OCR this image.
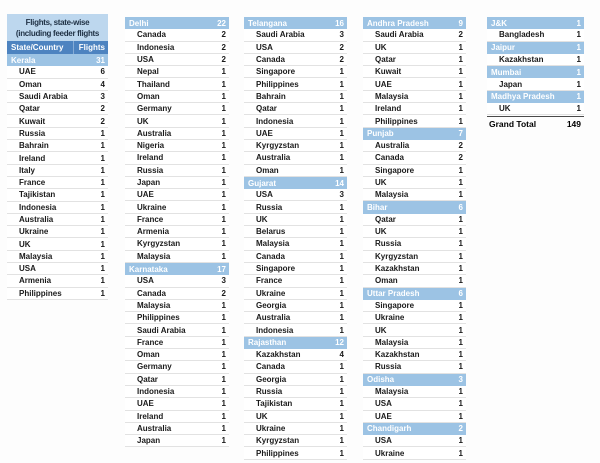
Flights, state-wise
(including feeder flights
State/Country	Flights
Kerala	31
UAE	6
Oman	4
Saudi Arabia	3
Qatar	2
Kuwait	2
Russia	1
Bahrain	1
Ireland	1
Italy	1
France	1
Tajikistan	1
Indonesia	1
Australia	1
Ukraine	1
UK	1
Malaysia	1
USA	1
Armenia	1
Philippines	1
Delhi	22
Canada	2
Indonesia	2
USA	2
Nepal	1
Thailand	1
Oman	1
Germany	1
UK	1
Australia	1
Nigeria	1
Ireland	1
Russia	1
Japan	1
UAE	1
Ukraine	1
France	1
Armenia	1
Kyrgyzstan	1
Malaysia	1
Karnataka	17
USA	3
Canada	2
Malaysia	1
Philippines	1
Saudi Arabia	1
France	1
Oman	1
Germany	1
Qatar	1
Indonesia	1
UAE	1
Ireland	1
Australia	1
Japan	1
Telangana	16
Saudi Arabia	3
USA	2
Canada	2
Singapore	1
Philippines	1
Bahrain	1
Qatar	1
Indonesia	1
UAE	1
Kyrgyzstan	1
Australia	1
Oman	1
Gujarat	14
USA	3
Russia	1
UK	1
Belarus	1
Malaysia	1
Canada	1
Singapore	1
France	1
Ukraine	1
Georgia	1
Australia	1
Indonesia	1
Rajasthan	12
Kazakhstan	4
Canada	1
Georgia	1
Russia	1
Tajikistan	1
UK	1
Ukraine	1
Kyrgyzstan	1
Philippines	1
Andhra Pradesh	9
Saudi Arabia	2
UK	1
Qatar	1
Kuwait	1
UAE	1
Malaysia	1
Ireland	1
Philippines	1
Punjab	7
Australia	2
Canada	2
Singapore	1
UK	1
Malaysia	1
Bihar	6
Qatar	1
UK	1
Russia	1
Kyrgyzstan	1
Kazakhstan	1
Oman	1
Uttar Pradesh	6
Singapore	1
Ukraine	1
UK	1
Malaysia	1
Kazakhstan	1
Russia	1
Odisha	3
Malaysia	1
USA	1
UAE	1
Chandigarh	2
USA	1
Ukraine	1
J&K	1
Bangladesh	1
Jaipur	1
Kazakhstan	1
Mumbai	1
Japan	1
Madhya Pradesh	1
UK	1
Grand Total	149
